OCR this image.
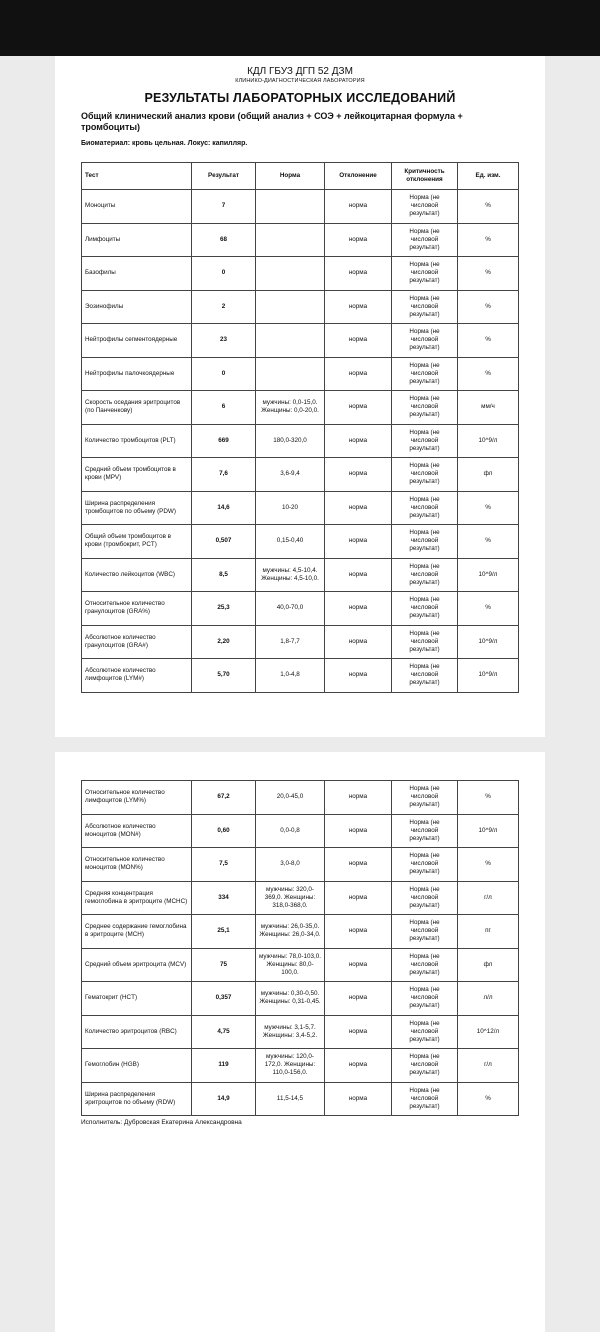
КДЛ ГБУЗ ДГП 52 ДЗМ
КЛИНИКО-ДИАГНОСТИЧЕСКАЯ ЛАБОРАТОРИЯ
РЕЗУЛЬТАТЫ ЛАБОРАТОРНЫХ ИССЛЕДОВАНИЙ
Общий клинический анализ крови (общий анализ + СОЭ + лейкоцитарная формула + тромбоциты)
Биоматериал: кровь цельная. Локус: капилляр.
Тест	Результат	Норма	Отклонение	Критичность отклонения	Ед. изм.
Моноциты	7		норма	Норма (не числовой результат)	%
Лимфоциты	68		норма	Норма (не числовой результат)	%
Базофилы	0		норма	Норма (не числовой результат)	%
Эозинофилы	2		норма	Норма (не числовой результат)	%
Нейтрофилы сегментоядерные	23		норма	Норма (не числовой результат)	%
Нейтрофилы палочкоядерные	0		норма	Норма (не числовой результат)	%
Скорость оседания эритроцитов (по Панченкову)	6	мужчины: 0,0-15,0. Женщины: 0,0-20,0.	норма	Норма (не числовой результат)	мм/ч
Количество тромбоцитов (PLT)	669	180,0-320,0	норма	Норма (не числовой результат)	10^9/л
Средний объем тромбоцитов в крови (MPV)	7,6	3,6-9,4	норма	Норма (не числовой результат)	фл
Ширина распределения тромбоцитов по объему (PDW)	14,6	10-20	норма	Норма (не числовой результат)	%
Общий объем тромбоцитов в крови (тромбокрит, PCT)	0,507	0,15-0,40	норма	Норма (не числовой результат)	%
Количество лейкоцитов (WBC)	8,5	мужчины: 4,5-10,4. Женщины: 4,5-10,0.	норма	Норма (не числовой результат)	10^9/л
Относительное количество гранулоцитов (GRA%)	25,3	40,0-70,0	норма	Норма (не числовой результат)	%
Абсолютное количество гранулоцитов (GRA#)	2,20	1,8-7,7	норма	Норма (не числовой результат)	10^9/л
Абсолютное количество лимфоцитов (LYM#)	5,70	1,0-4,8	норма	Норма (не числовой результат)	10^9/л
Относительное количество лимфоцитов (LYM%)	67,2	20,0-45,0	норма	Норма (не числовой результат)	%
Абсолютное количество моноцитов (MON#)	0,60	0,0-0,8	норма	Норма (не числовой результат)	10^9/л
Относительное количество моноцитов (MON%)	7,5	3,0-8,0	норма	Норма (не числовой результат)	%
Средняя концентрация гемоглобина в эритроците (MCHC)	334	мужчины: 320,0-369,0. Женщины: 318,0-368,0.	норма	Норма (не числовой результат)	г/л
Среднее содержание гемоглобина в эритроците (MCH)	25,1	мужчины: 26,0-35,0. Женщины: 26,0-34,0.	норма	Норма (не числовой результат)	пг
Средний объем эритроцита (MCV)	75	мужчины: 78,0-103,0. Женщины: 80,0-100,0.	норма	Норма (не числовой результат)	фл
Гематокрит (HCT)	0,357	мужчины: 0,30-0,50. Женщины: 0,31-0,45.	норма	Норма (не числовой результат)	л/л
Количество эритроцитов (RBC)	4,75	мужчины: 3,1-5,7. Женщины: 3,4-5,2.	норма	Норма (не числовой результат)	10^12/л
Гемоглобин (HGB)	119	мужчины: 120,0-172,0. Женщины: 110,0-156,0.	норма	Норма (не числовой результат)	г/л
Ширина распределения эритроцитов по объему (RDW)	14,9	11,5-14,5	норма	Норма (не числовой результат)	%
Исполнитель: Дубровская Екатерина Александровна
